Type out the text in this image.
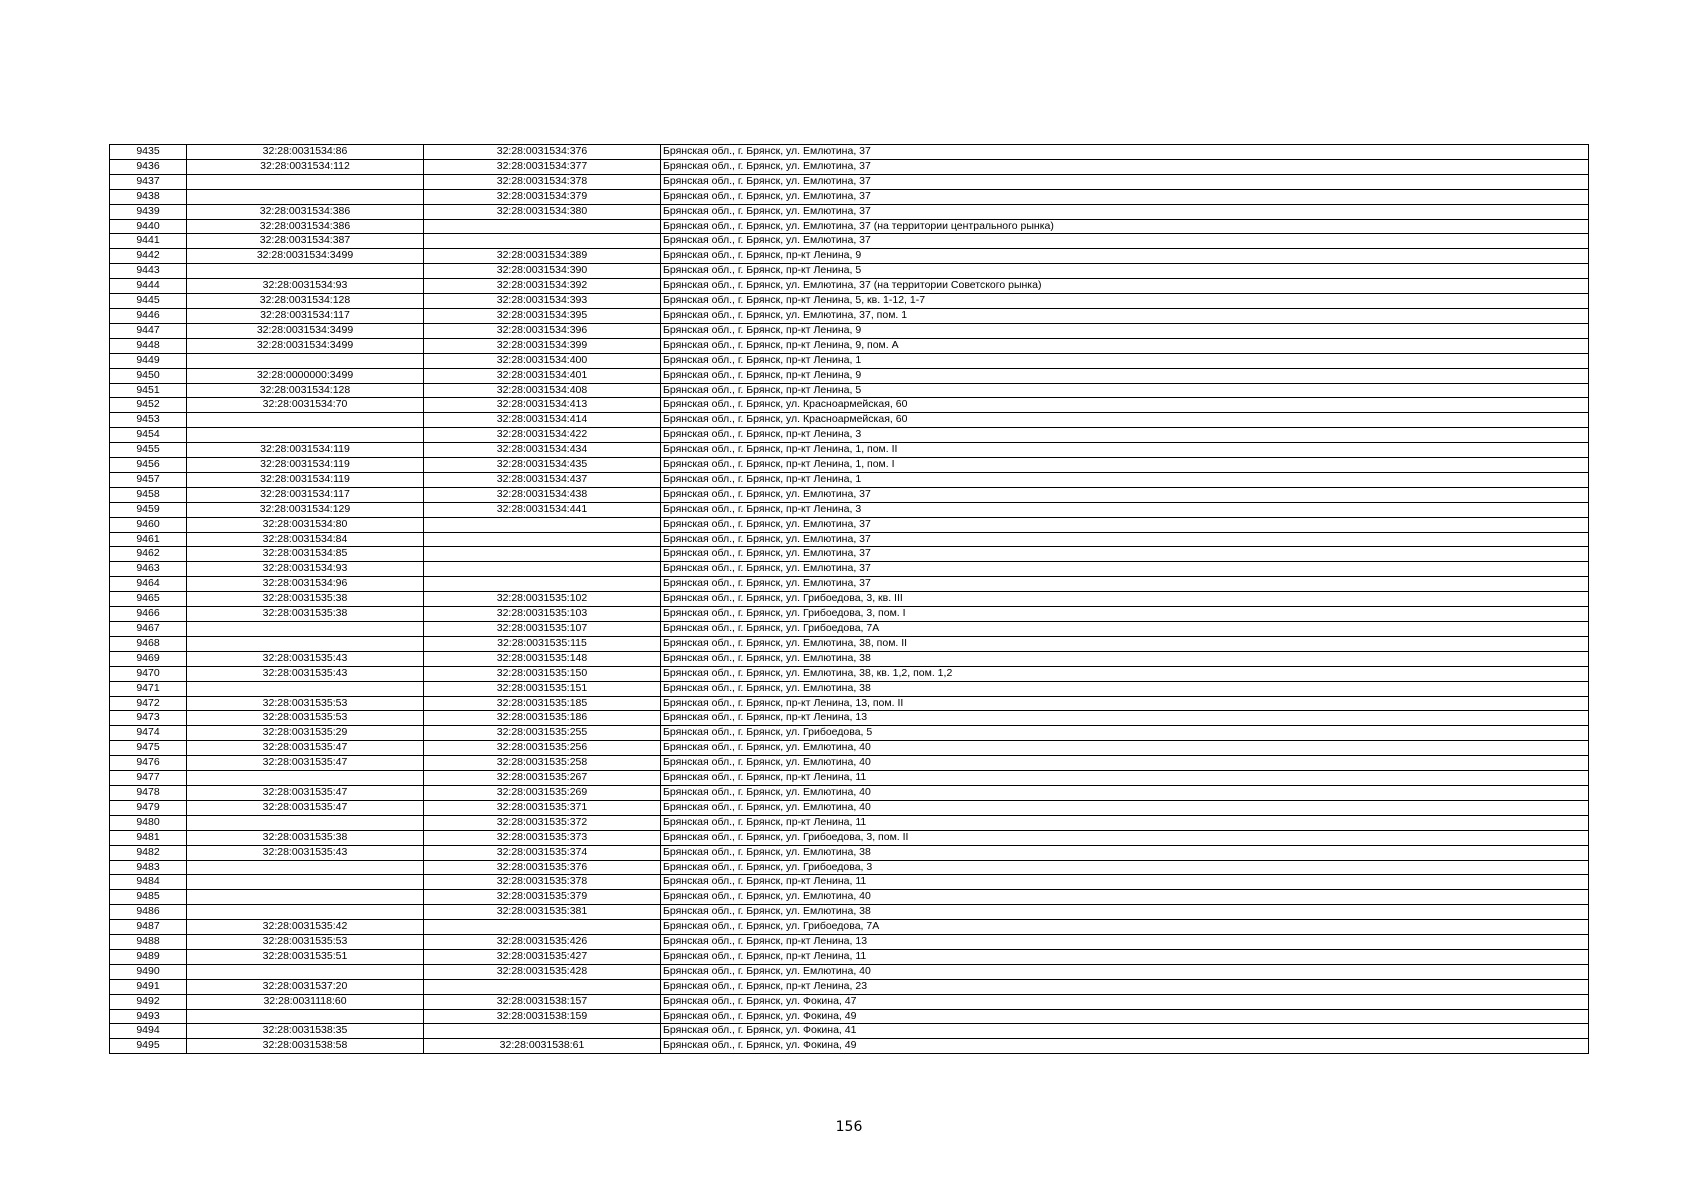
9435	32:28:0031534:86	32:28:0031534:376	Брянская обл., г. Брянск, ул. Емлютина, 37
9436	32:28:0031534:112	32:28:0031534:377	Брянская обл., г. Брянск, ул. Емлютина, 37
9437		32:28:0031534:378	Брянская обл., г. Брянск, ул. Емлютина, 37
9438		32:28:0031534:379	Брянская обл., г. Брянск, ул. Емлютина, 37
9439	32:28:0031534:386	32:28:0031534:380	Брянская обл., г. Брянск, ул. Емлютина, 37
9440	32:28:0031534:386		Брянская обл., г. Брянск, ул. Емлютина, 37 (на территории центрального рынка)
9441	32:28:0031534:387		Брянская обл., г. Брянск, ул. Емлютина, 37
9442	32:28:0031534:3499	32:28:0031534:389	Брянская обл., г. Брянск, пр-кт Ленина, 9
9443		32:28:0031534:390	Брянская обл., г. Брянск, пр-кт Ленина, 5
9444	32:28:0031534:93	32:28:0031534:392	Брянская обл., г. Брянск, ул. Емлютина, 37 (на территории Советского рынка)
9445	32:28:0031534:128	32:28:0031534:393	Брянская обл., г. Брянск, пр-кт Ленина, 5, кв. 1-12, 1-7
9446	32:28:0031534:117	32:28:0031534:395	Брянская обл., г. Брянск, ул. Емлютина, 37, пом. 1
9447	32:28:0031534:3499	32:28:0031534:396	Брянская обл., г. Брянск, пр-кт Ленина, 9
9448	32:28:0031534:3499	32:28:0031534:399	Брянская обл., г. Брянск, пр-кт Ленина, 9, пом. А
9449		32:28:0031534:400	Брянская обл., г. Брянск, пр-кт Ленина, 1
9450	32:28:0000000:3499	32:28:0031534:401	Брянская обл., г. Брянск, пр-кт Ленина, 9
9451	32:28:0031534:128	32:28:0031534:408	Брянская обл., г. Брянск, пр-кт Ленина, 5
9452	32:28:0031534:70	32:28:0031534:413	Брянская обл., г. Брянск, ул. Красноармейская, 60
9453		32:28:0031534:414	Брянская обл., г. Брянск, ул. Красноармейская, 60
9454		32:28:0031534:422	Брянская обл., г. Брянск, пр-кт Ленина, 3
9455	32:28:0031534:119	32:28:0031534:434	Брянская обл., г. Брянск, пр-кт Ленина, 1, пом. II
9456	32:28:0031534:119	32:28:0031534:435	Брянская обл., г. Брянск, пр-кт Ленина, 1, пом. I
9457	32:28:0031534:119	32:28:0031534:437	Брянская обл., г. Брянск, пр-кт Ленина, 1
9458	32:28:0031534:117	32:28:0031534:438	Брянская обл., г. Брянск, ул. Емлютина, 37
9459	32:28:0031534:129	32:28:0031534:441	Брянская обл., г. Брянск, пр-кт Ленина, 3
9460	32:28:0031534:80		Брянская обл., г. Брянск, ул. Емлютина, 37
9461	32:28:0031534:84		Брянская обл., г. Брянск, ул. Емлютина, 37
9462	32:28:0031534:85		Брянская обл., г. Брянск, ул. Емлютина, 37
9463	32:28:0031534:93		Брянская обл., г. Брянск, ул. Емлютина, 37
9464	32:28:0031534:96		Брянская обл., г. Брянск, ул. Емлютина, 37
9465	32:28:0031535:38	32:28:0031535:102	Брянская обл., г. Брянск, ул. Грибоедова, 3, кв. III
9466	32:28:0031535:38	32:28:0031535:103	Брянская обл., г. Брянск, ул. Грибоедова, 3, пом. I
9467		32:28:0031535:107	Брянская обл., г. Брянск, ул. Грибоедова, 7А
9468		32:28:0031535:115	Брянская обл., г. Брянск, ул. Емлютина, 38, пом. II
9469	32:28:0031535:43	32:28:0031535:148	Брянская обл., г. Брянск, ул. Емлютина, 38
9470	32:28:0031535:43	32:28:0031535:150	Брянская обл., г. Брянск, ул. Емлютина, 38, кв. 1,2, пом. 1,2
9471		32:28:0031535:151	Брянская обл., г. Брянск, ул. Емлютина, 38
9472	32:28:0031535:53	32:28:0031535:185	Брянская обл., г. Брянск, пр-кт Ленина, 13, пом. II
9473	32:28:0031535:53	32:28:0031535:186	Брянская обл., г. Брянск, пр-кт Ленина, 13
9474	32:28:0031535:29	32:28:0031535:255	Брянская обл., г. Брянск, ул. Грибоедова, 5
9475	32:28:0031535:47	32:28:0031535:256	Брянская обл., г. Брянск, ул. Емлютина, 40
9476	32:28:0031535:47	32:28:0031535:258	Брянская обл., г. Брянск, ул. Емлютина, 40
9477		32:28:0031535:267	Брянская обл., г. Брянск, пр-кт Ленина, 11
9478	32:28:0031535:47	32:28:0031535:269	Брянская обл., г. Брянск, ул. Емлютина, 40
9479	32:28:0031535:47	32:28:0031535:371	Брянская обл., г. Брянск, ул. Емлютина, 40
9480		32:28:0031535:372	Брянская обл., г. Брянск, пр-кт Ленина, 11
9481	32:28:0031535:38	32:28:0031535:373	Брянская обл., г. Брянск, ул. Грибоедова, 3, пом. II
9482	32:28:0031535:43	32:28:0031535:374	Брянская обл., г. Брянск, ул. Емлютина, 38
9483		32:28:0031535:376	Брянская обл., г. Брянск, ул. Грибоедова, 3
9484		32:28:0031535:378	Брянская обл., г. Брянск, пр-кт Ленина, 11
9485		32:28:0031535:379	Брянская обл., г. Брянск, ул. Емлютина, 40
9486		32:28:0031535:381	Брянская обл., г. Брянск, ул. Емлютина, 38
9487	32:28:0031535:42		Брянская обл., г. Брянск, ул. Грибоедова, 7А
9488	32:28:0031535:53	32:28:0031535:426	Брянская обл., г. Брянск, пр-кт Ленина, 13
9489	32:28:0031535:51	32:28:0031535:427	Брянская обл., г. Брянск, пр-кт Ленина, 11
9490		32:28:0031535:428	Брянская обл., г. Брянск, ул. Емлютина, 40
9491	32:28:0031537:20		Брянская обл., г. Брянск, пр-кт Ленина, 23
9492	32:28:0031118:60	32:28:0031538:157	Брянская обл., г. Брянск, ул. Фокина, 47
9493		32:28:0031538:159	Брянская обл., г. Брянск, ул. Фокина, 49
9494	32:28:0031538:35		Брянская обл., г. Брянск, ул. Фокина, 41
9495	32:28:0031538:58	32:28:0031538:61	Брянская обл., г. Брянск, ул. Фокина, 49
156
